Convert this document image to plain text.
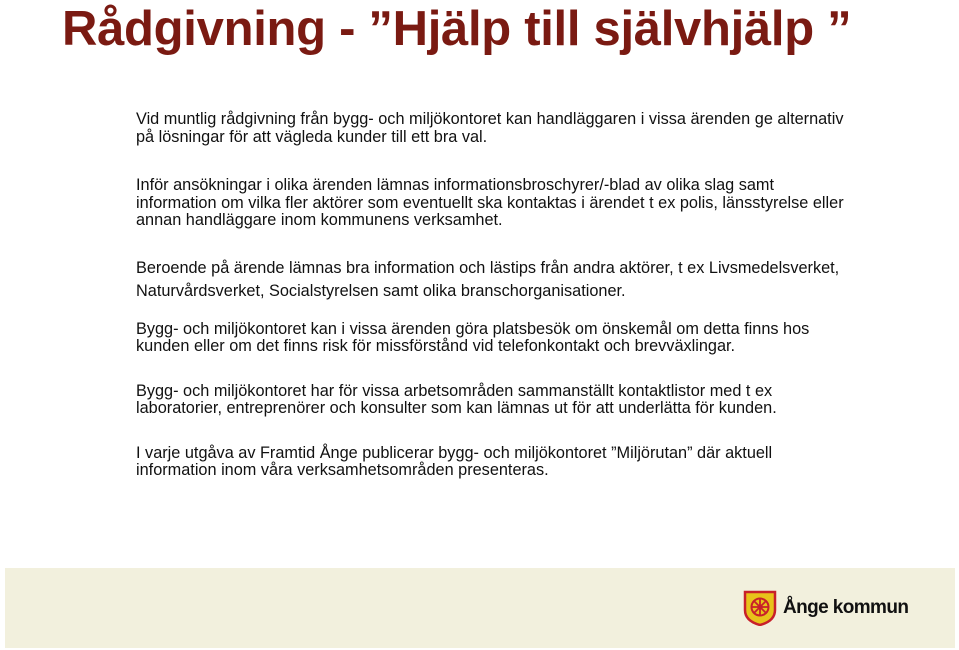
Rådgivning - ”Hjälp till självhjälp ”

Vid muntlig rådgivning från bygg- och miljökontoret kan handläggaren i vissa ärenden ge alternativ på lösningar för att vägleda kunder till ett bra val.

Inför ansökningar i olika ärenden lämnas informationsbroschyrer/-blad av olika slag samt information om vilka fler aktörer som eventuellt ska kontaktas i ärendet t ex polis, länsstyrelse eller annan handläggare inom kommunens verksamhet.

Beroende på ärende lämnas bra information och lästips från andra aktörer, t ex Livsmedelsverket, Naturvårdsverket, Socialstyrelsen samt olika branschorganisationer.

Bygg- och miljökontoret kan i vissa ärenden göra platsbesök om önskemål om detta finns hos kunden eller om det finns risk för missförstånd vid telefonkontakt och brevväxlingar.

Bygg- och miljökontoret har för vissa arbetsområden sammanställt kontaktlistor med t ex laboratorier, entreprenörer och konsulter som kan lämnas ut för att underlätta för kunden.

I varje utgåva av Framtid Ånge publicerar bygg- och miljökontoret ”Miljörutan” där aktuell information inom våra verksamhetsområden presenteras.

Ånge kommun
